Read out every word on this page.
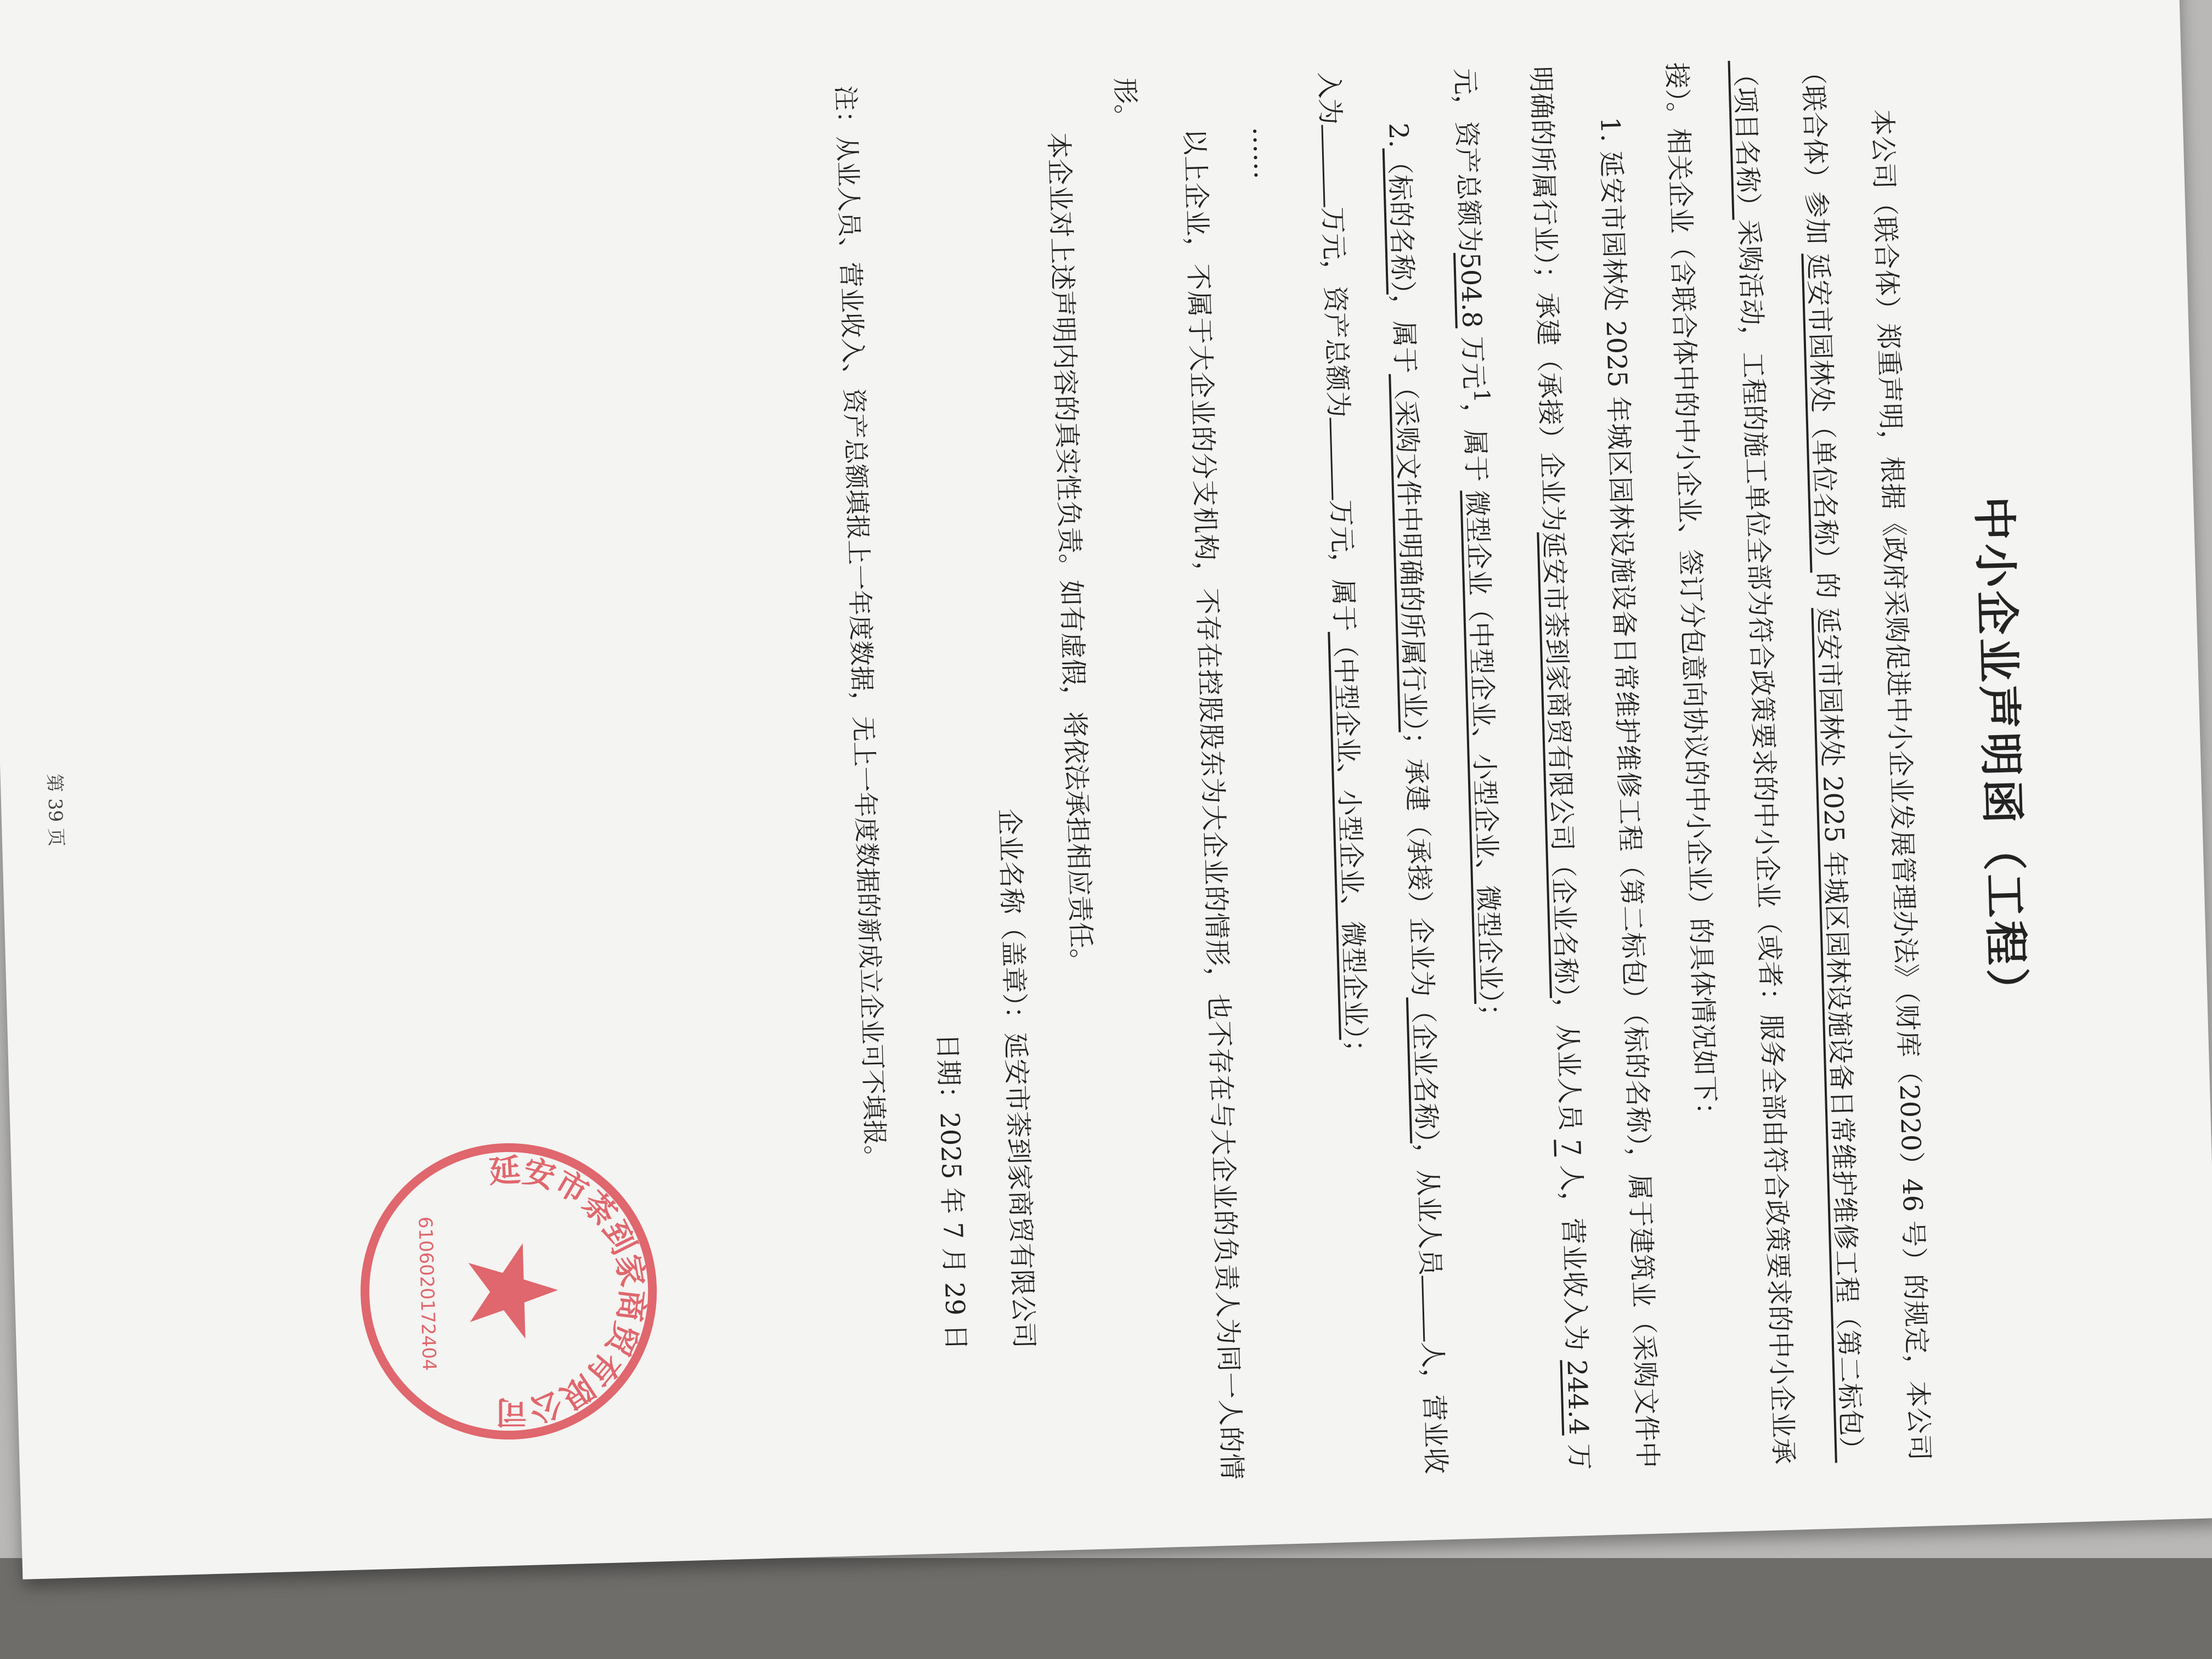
中小企业声明函（工程）

本公司（联合体）郑重声明，根据《政府采购促进中小企业发展管理办法》（财库（2020）46 号）的规定，本公司（联合体）参加 延安市园林处（单位名称）的 延安市园林处 2025 年城区园林设施设备日常维护维修工程（第二标包）（项目名称）采购活动，工程的施工单位全部为符合政策要求的中小企业（或者：服务全部由符合政策要求的中小企业承接）。相关企业（含联合体中的中小企业、签订分包意向协议的中小企业）的具体情况如下：

1. 延安市园林处 2025 年城区园林设施设备日常维护维修工程（第二标包）（标的名称），属于建筑业（采购文件中明确的所属行业）；承建（承接）企业为延安市荼到家商贸有限公司（企业名称），从业人员 7 人，营业收入为 244.4 万元，资产总额为504.8 万元$^1$，属于 微型企业（中型企业、小型企业、微型企业）；

2.（标的名称），属于（采购文件中明确的所属行业）；承建（承接）企业为（企业名称），从业人员人，营业收入为万元，资产总额为万元，属于（中型企业、小型企业、微型企业）；

……

以上企业，不属于大企业的分支机构，不存在控股股东为大企业的情形，也不存在与大企业的负责人为同一人的情形。

本企业对上述声明内容的真实性负责。如有虚假，将依法承担相应责任。

企业名称（盖章）：延安市荼到家商贸有限公司

日期：2025 年 7 月 29 日

注：从业人员、营业收入、资产总额填报上一年度数据，无上一年度数据的新成立企业可不填报。
第 39 页
延安市荼到家商贸有限公司
6106020172404
